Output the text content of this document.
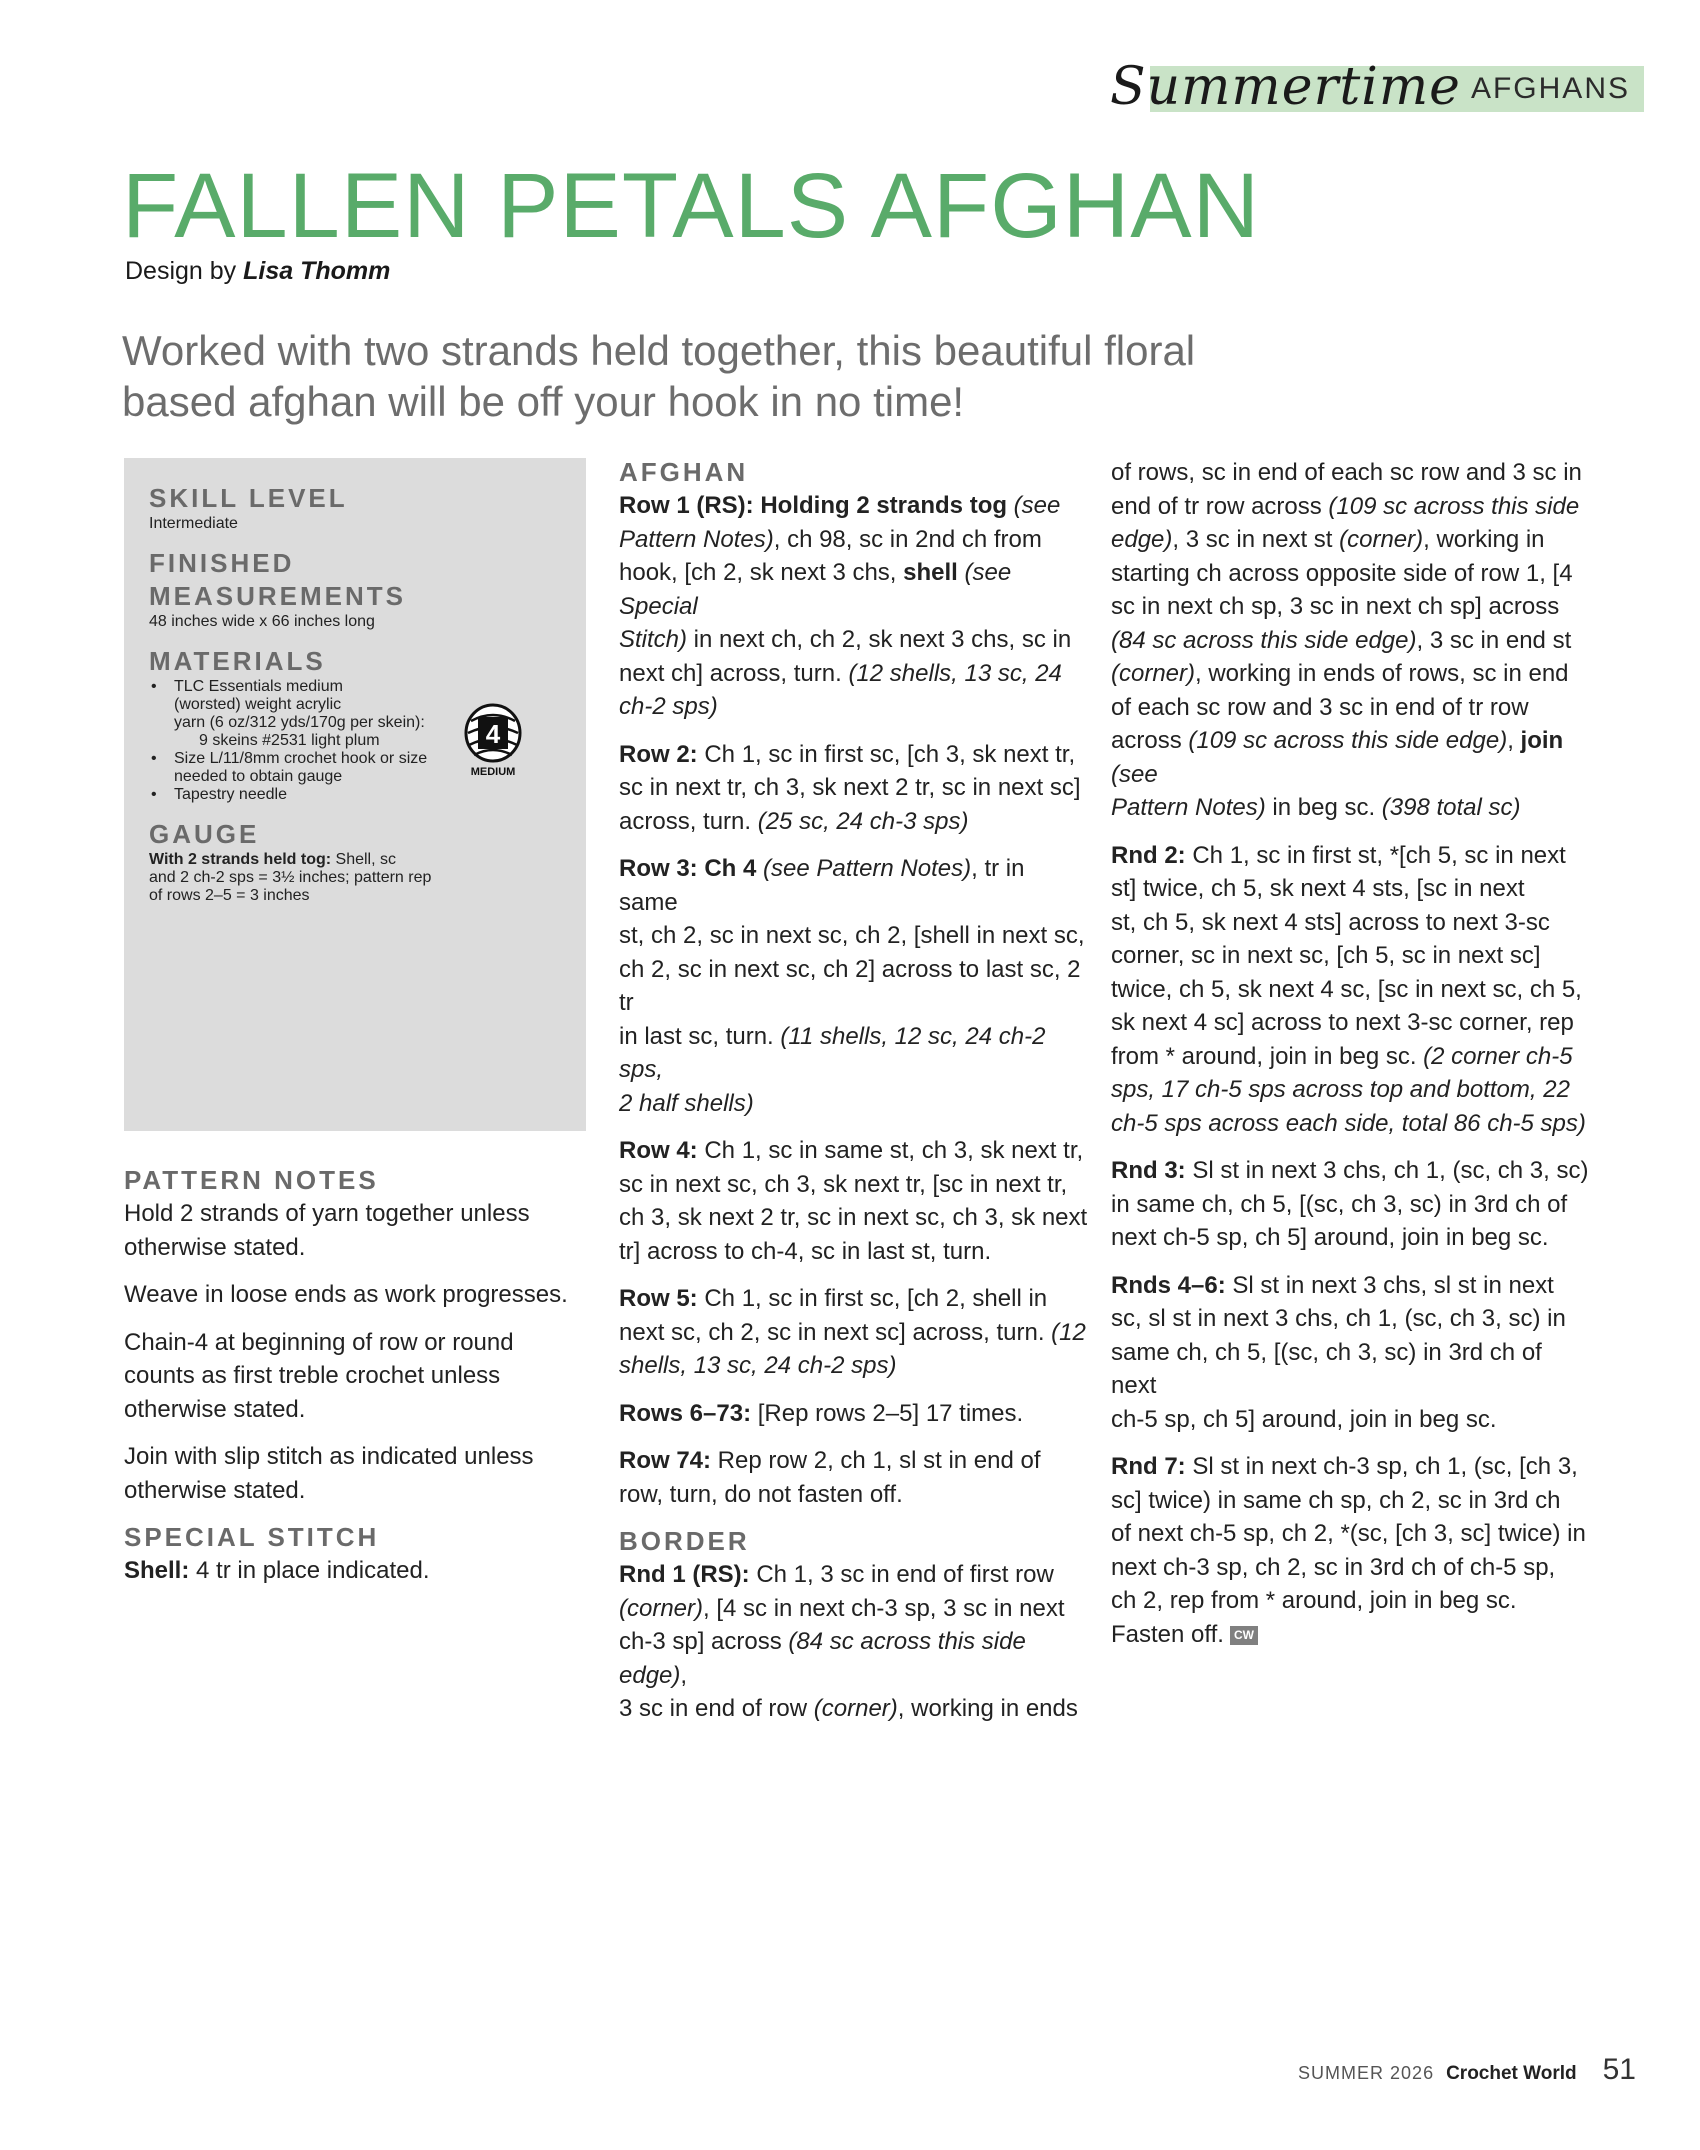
Summertime AFGHANS
FALLEN PETALS AFGHAN
Design by Lisa Thomm
Worked with two strands held together, this beautiful floral
based afghan will be off your hook in no time!
SKILL LEVEL

Intermediate

FINISHED MEASUREMENTS

48 inches wide x 66 inches long

MATERIALS
• TLC Essentials medium
(worsted) weight acrylic
yarn (6 oz/312 yds/170g per skein):
9 skeins #2531 light plum
• Size L/11/8mm crochet hook or size
needed to obtain gauge
• Tapestry needle
4
MEDIUM
GAUGE

With 2 strands held tog: Shell, sc
and 2 ch-2 sps = 3½ inches; pattern rep
of rows 2–5 = 3 inches

PATTERN NOTES

Hold 2 strands of yarn together unless
otherwise stated.

Weave in loose ends as work progresses.

Chain-4 at beginning of row or round
counts as first treble crochet unless
otherwise stated.

Join with slip stitch as indicated unless
otherwise stated.

SPECIAL STITCH

Shell: 4 tr in place indicated.

AFGHAN

Row 1 (RS): Holding 2 strands tog (see
Pattern Notes), ch 98, sc in 2nd ch from
hook, [ch 2, sk next 3 chs, shell (see Special
Stitch) in next ch, ch 2, sk next 3 chs, sc in
next ch] across, turn. (12 shells, 13 sc, 24
ch-2 sps)

Row 2: Ch 1, sc in first sc, [ch 3, sk next tr,
sc in next tr, ch 3, sk next 2 tr, sc in next sc]
across, turn. (25 sc, 24 ch-3 sps)

Row 3: Ch 4 (see Pattern Notes), tr in same
st, ch 2, sc in next sc, ch 2, [shell in next sc,
ch 2, sc in next sc, ch 2] across to last sc, 2 tr
in last sc, turn. (11 shells, 12 sc, 24 ch-2 sps,
2 half shells)

Row 4: Ch 1, sc in same st, ch 3, sk next tr,
sc in next sc, ch 3, sk next tr, [sc in next tr,
ch 3, sk next 2 tr, sc in next sc, ch 3, sk next
tr] across to ch-4, sc in last st, turn.

Row 5: Ch 1, sc in first sc, [ch 2, shell in
next sc, ch 2, sc in next sc] across, turn. (12
shells, 13 sc, 24 ch-2 sps)

Rows 6–73: [Rep rows 2–5] 17 times.

Row 74: Rep row 2, ch 1, sl st in end of
row, turn, do not fasten off.

BORDER

Rnd 1 (RS): Ch 1, 3 sc in end of first row
(corner), [4 sc in next ch-3 sp, 3 sc in next
ch-3 sp] across (84 sc across this side edge),
3 sc in end of row (corner), working in ends

of rows, sc in end of each sc row and 3 sc in
end of tr row across (109 sc across this side
edge), 3 sc in next st (corner), working in
starting ch across opposite side of row 1, [4
sc in next ch sp, 3 sc in next ch sp] across
(84 sc across this side edge), 3 sc in end st
(corner), working in ends of rows, sc in end
of each sc row and 3 sc in end of tr row
across (109 sc across this side edge), join (see
Pattern Notes) in beg sc. (398 total sc)

Rnd 2: Ch 1, sc in first st, *[ch 5, sc in next
st] twice, ch 5, sk next 4 sts, [sc in next
st, ch 5, sk next 4 sts] across to next 3-sc
corner, sc in next sc, [ch 5, sc in next sc]
twice, ch 5, sk next 4 sc, [sc in next sc, ch 5,
sk next 4 sc] across to next 3-sc corner, rep
from * around, join in beg sc. (2 corner ch-5
sps, 17 ch-5 sps across top and bottom, 22
ch-5 sps across each side, total 86 ch-5 sps)

Rnd 3: Sl st in next 3 chs, ch 1, (sc, ch 3, sc)
in same ch, ch 5, [(sc, ch 3, sc) in 3rd ch of
next ch-5 sp, ch 5] around, join in beg sc.

Rnds 4–6: Sl st in next 3 chs, sl st in next
sc, sl st in next 3 chs, ch 1, (sc, ch 3, sc) in
same ch, ch 5, [(sc, ch 3, sc) in 3rd ch of next
ch-5 sp, ch 5] around, join in beg sc.

Rnd 7: Sl st in next ch-3 sp, ch 1, (sc, [ch 3,
sc] twice) in same ch sp, ch 2, sc in 3rd ch
of next ch-5 sp, ch 2, *(sc, [ch 3, sc] twice) in
next ch-3 sp, ch 2, sc in 3rd ch of ch-5 sp,
ch 2, rep from * around, join in beg sc.
Fasten off. CW

SUMMER 2026 Crochet World 51
